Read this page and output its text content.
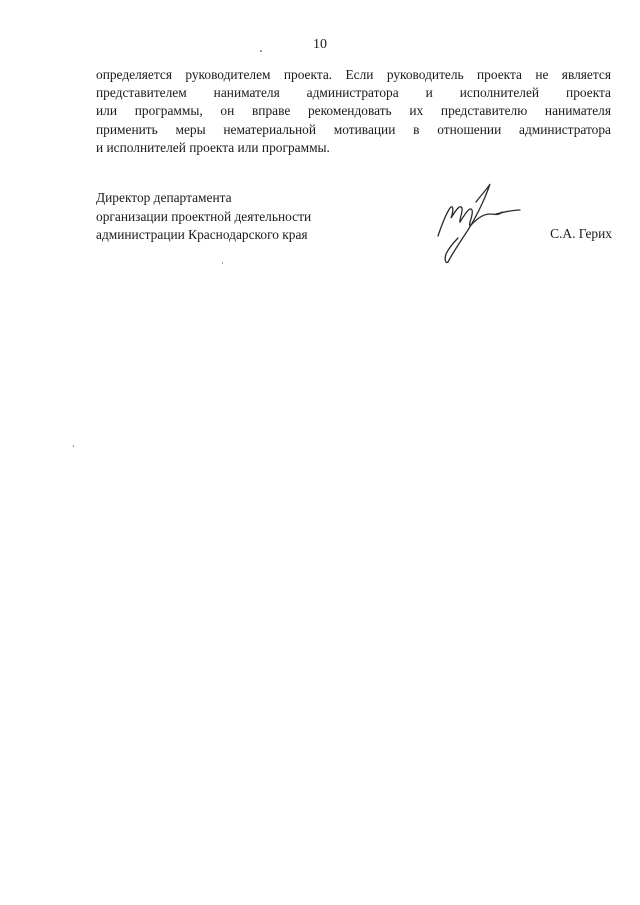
10
определяется руководителем проекта. Если руководитель проекта не является
представителем нанимателя администратора и исполнителей проекта
или программы, он вправе рекомендовать их представителю нанимателя
применить меры нематериальной мотивации в отношении администратора
и исполнителей проекта или программы.
Директор департамента
организации проектной деятельности
администрации Краснодарского края	С.А. Герих
